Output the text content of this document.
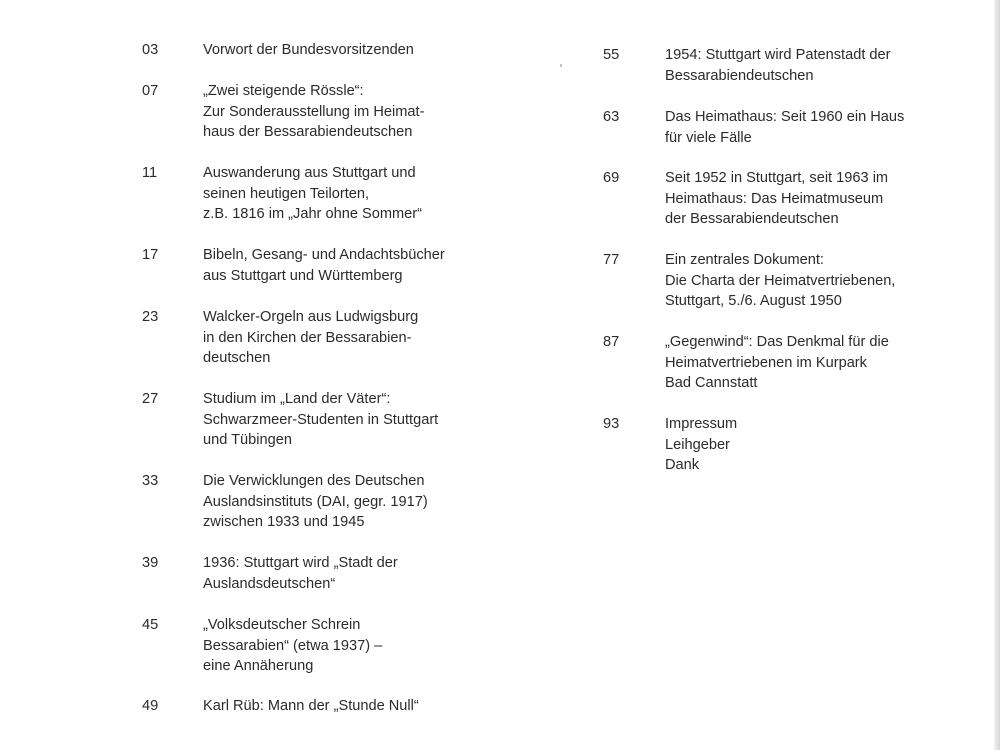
03	Vorwort der Bundesvorsitzenden
07	„Zwei steigende Rössle“:
Zur Sonderausstellung im Heimat-
haus der Bessarabiendeutschen
11	Auswanderung aus Stuttgart und
seinen heutigen Teilorten,
z.B. 1816 im „Jahr ohne Sommer“
17	Bibeln, Gesang- und Andachtsbücher
aus Stuttgart und Württemberg
23	Walcker-Orgeln aus Ludwigsburg
in den Kirchen der Bessarabien-
deutschen
27	Studium im „Land der Väter“:
Schwarzmeer-Studenten in Stuttgart
und Tübingen
33	Die Verwicklungen des Deutschen
Auslandsinstituts (DAI, gegr. 1917)
zwischen 1933 und 1945
39	1936: Stuttgart wird „Stadt der
Auslandsdeutschen“
45	„Volksdeutscher Schrein
Bessarabien“ (etwa 1937) –
eine Annäherung
49	Karl Rüb: Mann der „Stunde Null“
55	1954: Stuttgart wird Patenstadt der
Bessarabiendeutschen
63	Das Heimathaus: Seit 1960 ein Haus
für viele Fälle
69	Seit 1952 in Stuttgart, seit 1963 im
Heimathaus: Das Heimatmuseum
der Bessarabiendeutschen
77	Ein zentrales Dokument:
Die Charta der Heimatvertriebenen,
Stuttgart, 5./6. August 1950
87	„Gegenwind“: Das Denkmal für die
Heimatvertriebenen im Kurpark
Bad Cannstatt
93	Impressum
Leihgeber
Dank
